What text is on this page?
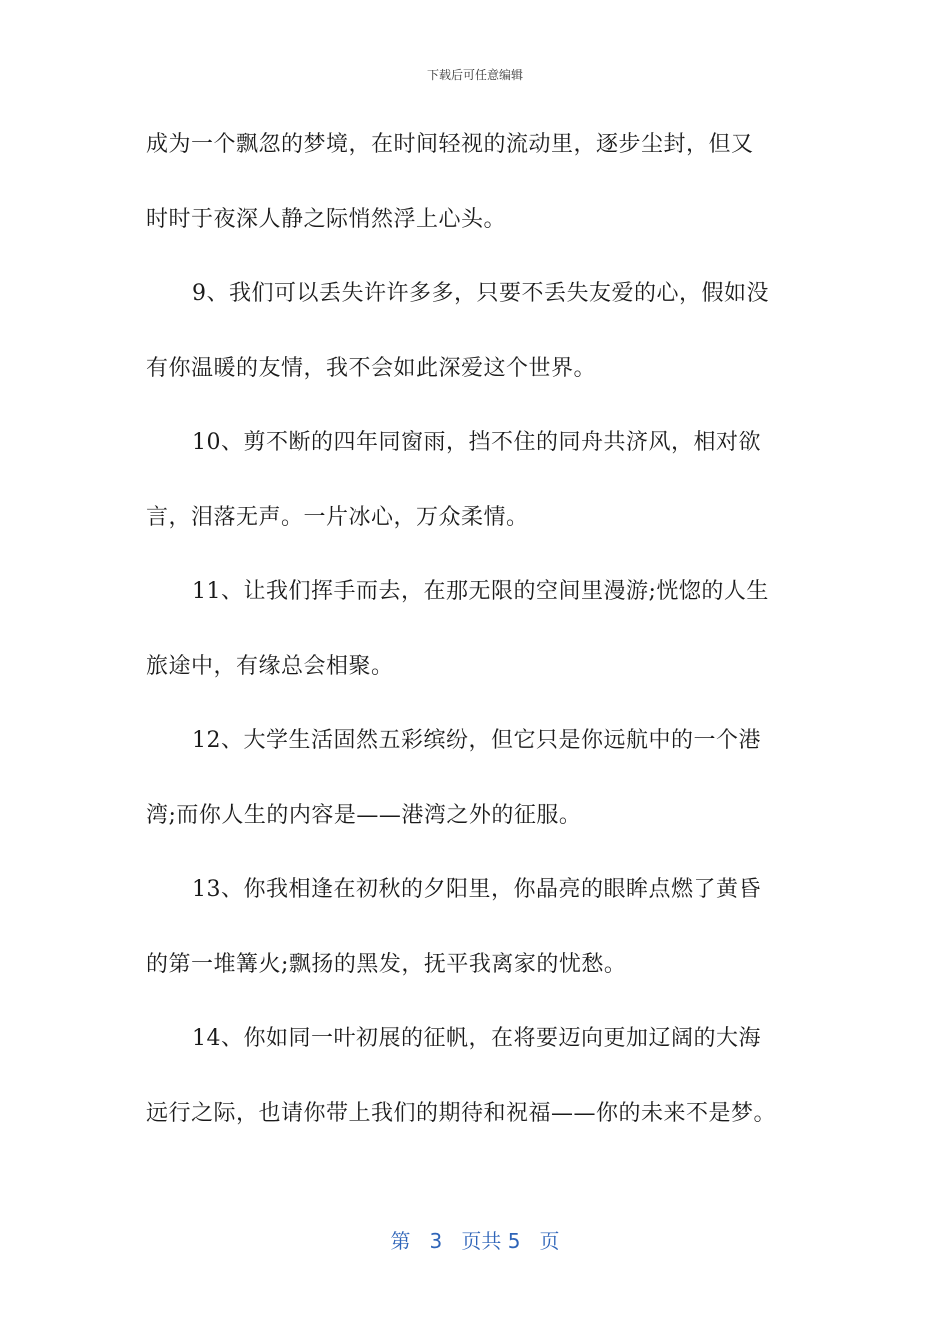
下载后可任意编辑
成为一个飘忽的梦境，在时间轻视的流动里，逐步尘封，但又
时时于夜深人静之际悄然浮上心头。
9、我们可以丢失许许多多，只要不丢失友爱的心，假如没
有你温暖的友情，我不会如此深爱这个世界。
10、剪不断的四年同窗雨，挡不住的同舟共济风，相对欲
言，泪落无声。一片冰心，万众柔情。
11、让我们挥手而去，在那无限的空间里漫游;恍惚的人生
旅途中，有缘总会相聚。
12、大学生活固然五彩缤纷，但它只是你远航中的一个港
湾;而你人生的内容是——港湾之外的征服。
13、你我相逢在初秋的夕阳里，你晶亮的眼眸点燃了黄昏
的第一堆篝火;飘扬的黑发，抚平我离家的忧愁。
14、你如同一叶初展的征帆，在将要迈向更加辽阔的大海
远行之际，也请你带上我们的期待和祝福——你的未来不是梦。
第 3 页共 5 页
